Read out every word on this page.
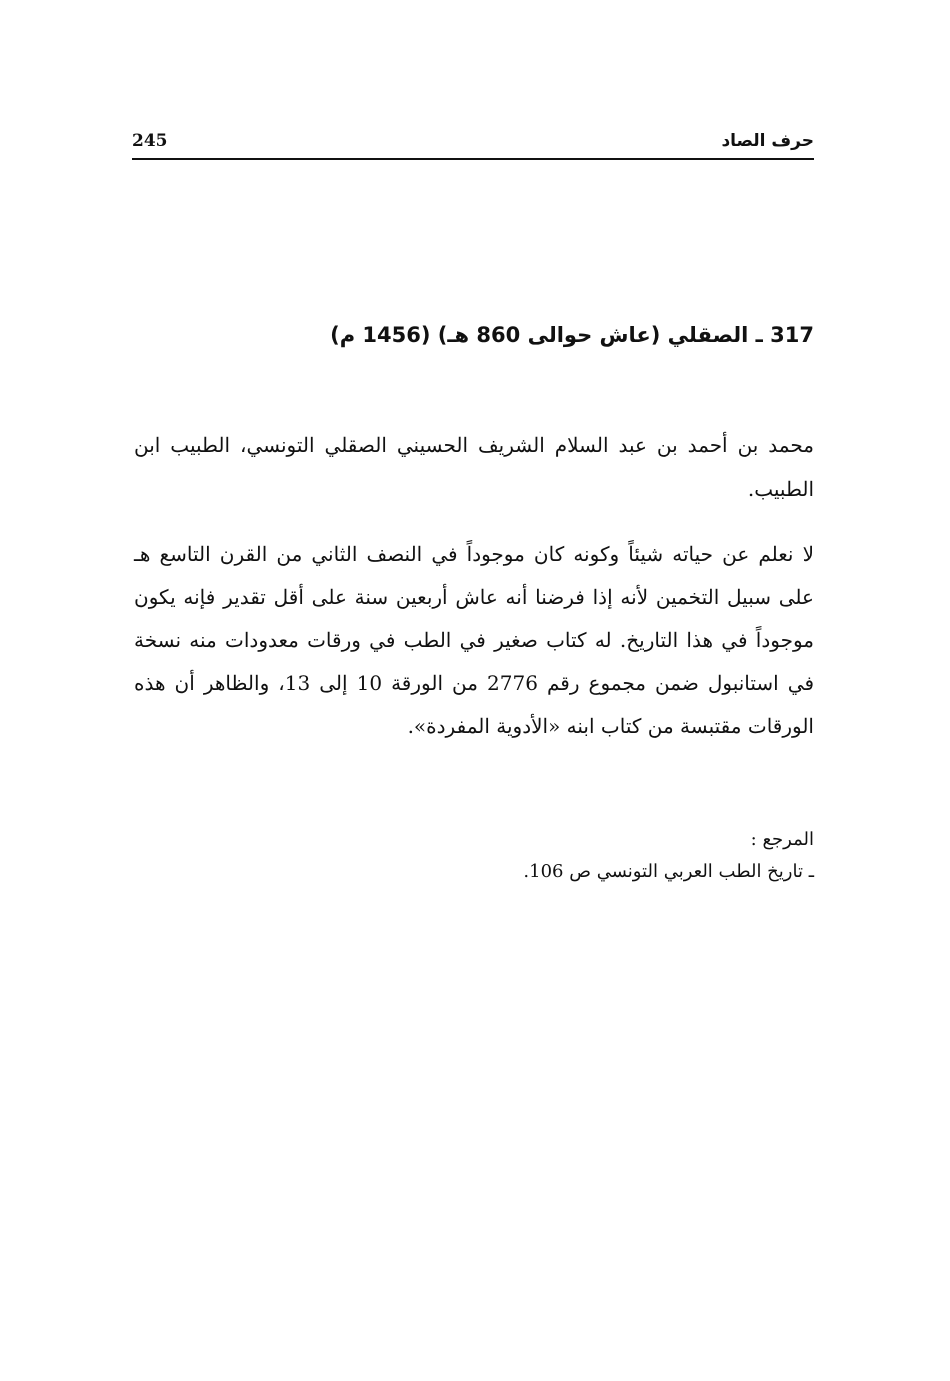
245	حرف الصاد
317 ـ الصقلي (عاش حوالى 860 هـ) (1456 م)

محمد بن أحمد بن عبد السلام الشريف الحسيني الصقلي التونسي، الطبيب ابن الطبيب.

لا نعلم عن حياته شيئاً وكونه كان موجوداً في النصف الثاني من القرن التاسع هـ على سبيل التخمين لأنه إذا فرضنا أنه عاش أربعين سنة على أقل تقدير فإنه يكون موجوداً في هذا التاريخ. له كتاب صغير في الطب في ورقات معدودات منه نسخة في استانبول ضمن مجموع رقم 2776 من الورقة 10 إلى 13، والظاهر أن هذه الورقات مقتبسة من كتاب ابنه «الأدوية المفردة».

المرجع :
ـ تاريخ الطب العربي التونسي ص 106.
